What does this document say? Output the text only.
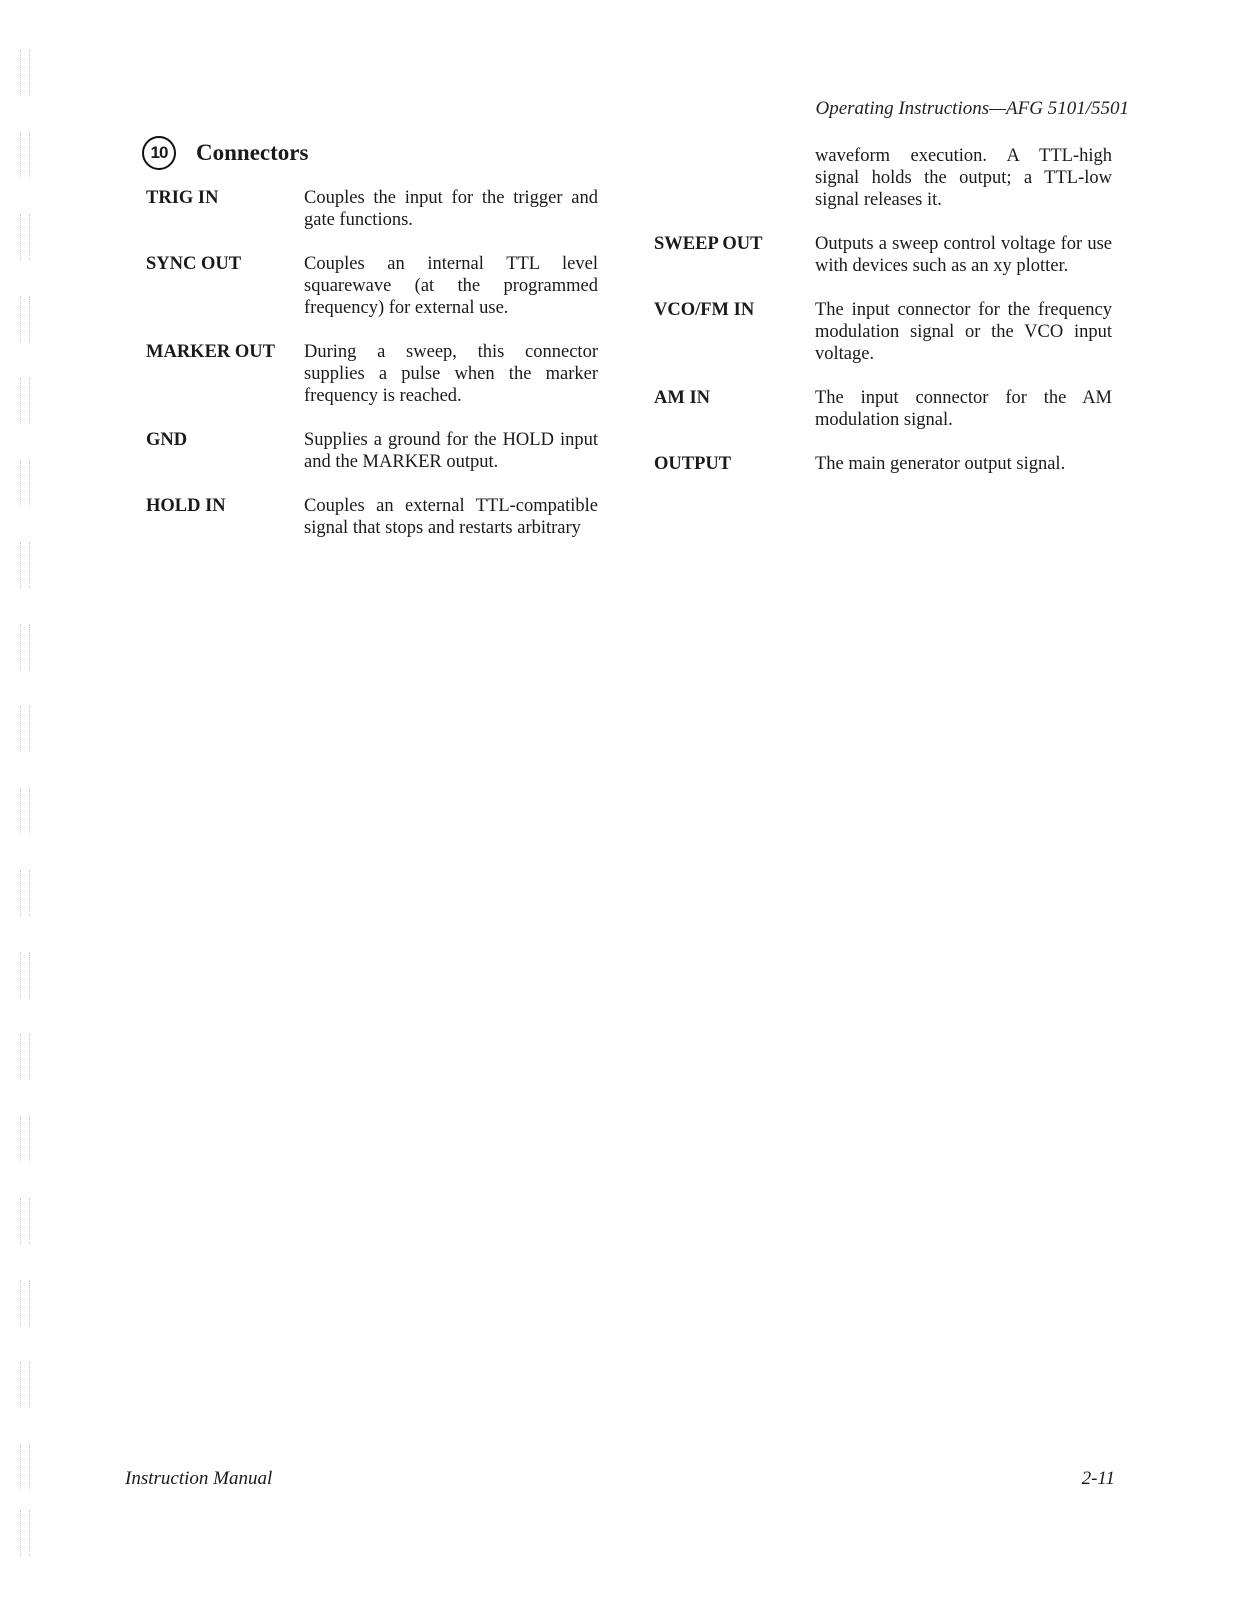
Operating Instructions—AFG 5101/5501
10	Connectors
TRIG IN	Couples the input for the trigger and gate functions.
SYNC OUT	Couples an internal TTL level squarewave (at the programmed frequency) for external use.
MARKER OUT	During a sweep, this connector supplies a pulse when the marker frequency is reached.
GND	Supplies a ground for the HOLD input and the MARKER output.
HOLD IN	Couples an external TTL-compatible signal that stops and restarts arbitrary
waveform execution. A TTL-high signal holds the output; a TTL-low signal releases it.
SWEEP OUT	Outputs a sweep control voltage for use with devices such as an xy plotter.
VCO/FM IN	The input connector for the frequency modulation signal or the VCO input voltage.
AM IN	The input connector for the AM modulation signal.
OUTPUT	The main generator output signal.
Instruction Manual	2-11
